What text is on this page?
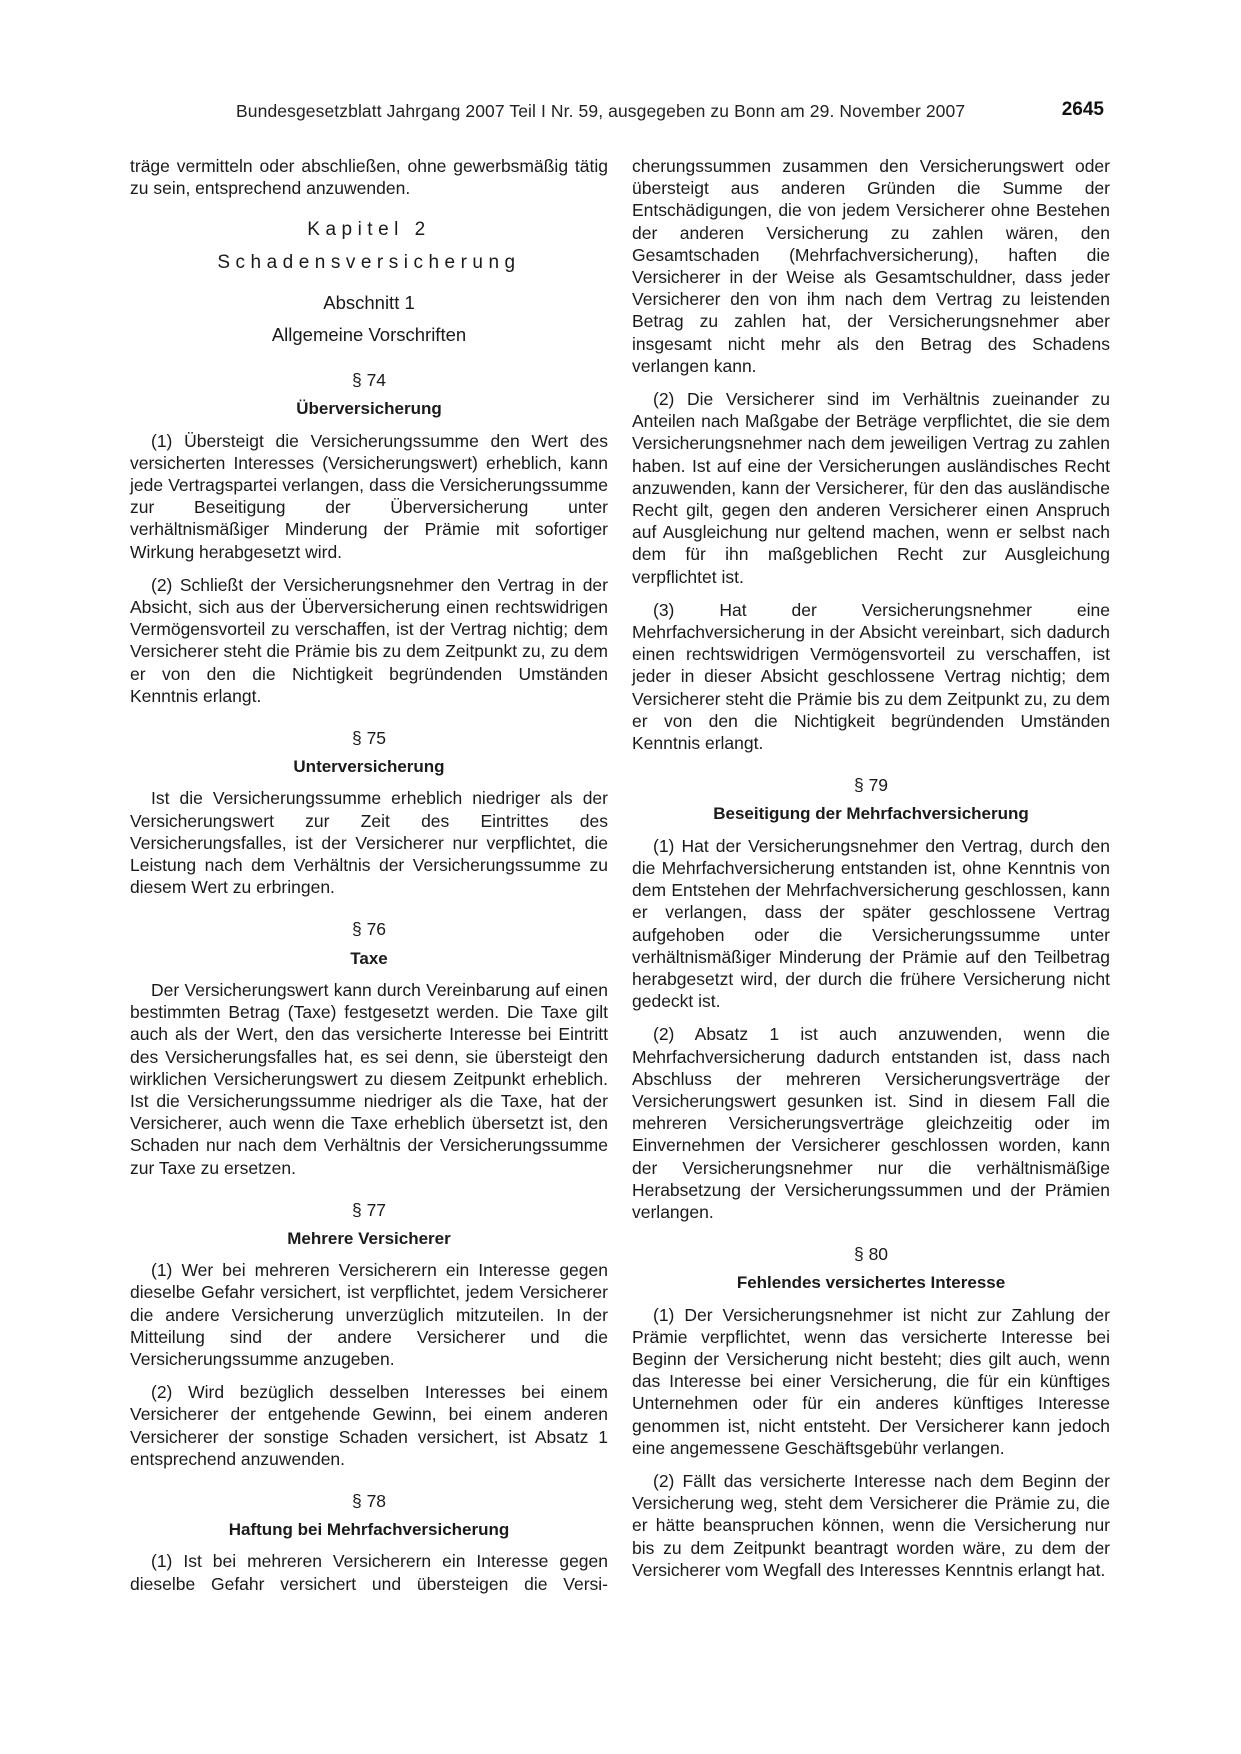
Bundesgesetzblatt Jahrgang 2007 Teil I Nr. 59, ausgegeben zu Bonn am 29. November 2007	2645

träge vermitteln oder abschließen, ohne gewerbsmäßig tätig zu sein, entsprechend anzuwenden.

Kapitel 2

Schadensversicherung

Abschnitt 1

Allgemeine Vorschriften

§ 74

Überversicherung

(1) Übersteigt die Versicherungssumme den Wert des versicherten Interesses (Versicherungswert) erheblich, kann jede Vertragspartei verlangen, dass die Versicherungssumme zur Beseitigung der Überversicherung unter verhältnismäßiger Minderung der Prämie mit sofortiger Wirkung herabgesetzt wird.

(2) Schließt der Versicherungsnehmer den Vertrag in der Absicht, sich aus der Überversicherung einen rechtswidrigen Vermögensvorteil zu verschaffen, ist der Vertrag nichtig; dem Versicherer steht die Prämie bis zu dem Zeitpunkt zu, zu dem er von den die Nichtigkeit begründenden Umständen Kenntnis erlangt.

§ 75

Unterversicherung

Ist die Versicherungssumme erheblich niedriger als der Versicherungswert zur Zeit des Eintrittes des Versicherungsfalles, ist der Versicherer nur verpflichtet, die Leistung nach dem Verhältnis der Versicherungssumme zu diesem Wert zu erbringen.

§ 76

Taxe

Der Versicherungswert kann durch Vereinbarung auf einen bestimmten Betrag (Taxe) festgesetzt werden. Die Taxe gilt auch als der Wert, den das versicherte Interesse bei Eintritt des Versicherungsfalles hat, es sei denn, sie übersteigt den wirklichen Versicherungswert zu diesem Zeitpunkt erheblich. Ist die Versicherungssumme niedriger als die Taxe, hat der Versicherer, auch wenn die Taxe erheblich übersetzt ist, den Schaden nur nach dem Verhältnis der Versicherungssumme zur Taxe zu ersetzen.

§ 77

Mehrere Versicherer

(1) Wer bei mehreren Versicherern ein Interesse gegen dieselbe Gefahr versichert, ist verpflichtet, jedem Versicherer die andere Versicherung unverzüglich mitzuteilen. In der Mitteilung sind der andere Versicherer und die Versicherungssumme anzugeben.

(2) Wird bezüglich desselben Interesses bei einem Versicherer der entgehende Gewinn, bei einem anderen Versicherer der sonstige Schaden versichert, ist Absatz 1 entsprechend anzuwenden.

§ 78

Haftung bei Mehrfachversicherung

(1) Ist bei mehreren Versicherern ein Interesse gegen dieselbe Gefahr versichert und übersteigen die Versi-

cherungssummen zusammen den Versicherungswert oder übersteigt aus anderen Gründen die Summe der Entschädigungen, die von jedem Versicherer ohne Bestehen der anderen Versicherung zu zahlen wären, den Gesamtschaden (Mehrfachversicherung), haften die Versicherer in der Weise als Gesamtschuldner, dass jeder Versicherer den von ihm nach dem Vertrag zu leistenden Betrag zu zahlen hat, der Versicherungsnehmer aber insgesamt nicht mehr als den Betrag des Schadens verlangen kann.

(2) Die Versicherer sind im Verhältnis zueinander zu Anteilen nach Maßgabe der Beträge verpflichtet, die sie dem Versicherungsnehmer nach dem jeweiligen Vertrag zu zahlen haben. Ist auf eine der Versicherungen ausländisches Recht anzuwenden, kann der Versicherer, für den das ausländische Recht gilt, gegen den anderen Versicherer einen Anspruch auf Ausgleichung nur geltend machen, wenn er selbst nach dem für ihn maßgeblichen Recht zur Ausgleichung verpflichtet ist.

(3) Hat der Versicherungsnehmer eine Mehrfachversicherung in der Absicht vereinbart, sich dadurch einen rechtswidrigen Vermögensvorteil zu verschaffen, ist jeder in dieser Absicht geschlossene Vertrag nichtig; dem Versicherer steht die Prämie bis zu dem Zeitpunkt zu, zu dem er von den die Nichtigkeit begründenden Umständen Kenntnis erlangt.

§ 79

Beseitigung der Mehrfachversicherung

(1) Hat der Versicherungsnehmer den Vertrag, durch den die Mehrfachversicherung entstanden ist, ohne Kenntnis von dem Entstehen der Mehrfachversicherung geschlossen, kann er verlangen, dass der später geschlossene Vertrag aufgehoben oder die Versicherungssumme unter verhältnismäßiger Minderung der Prämie auf den Teilbetrag herabgesetzt wird, der durch die frühere Versicherung nicht gedeckt ist.

(2) Absatz 1 ist auch anzuwenden, wenn die Mehrfachversicherung dadurch entstanden ist, dass nach Abschluss der mehreren Versicherungsverträge der Versicherungswert gesunken ist. Sind in diesem Fall die mehreren Versicherungsverträge gleichzeitig oder im Einvernehmen der Versicherer geschlossen worden, kann der Versicherungsnehmer nur die verhältnismäßige Herabsetzung der Versicherungssummen und der Prämien verlangen.

§ 80

Fehlendes versichertes Interesse

(1) Der Versicherungsnehmer ist nicht zur Zahlung der Prämie verpflichtet, wenn das versicherte Interesse bei Beginn der Versicherung nicht besteht; dies gilt auch, wenn das Interesse bei einer Versicherung, die für ein künftiges Unternehmen oder für ein anderes künftiges Interesse genommen ist, nicht entsteht. Der Versicherer kann jedoch eine angemessene Geschäftsgebühr verlangen.

(2) Fällt das versicherte Interesse nach dem Beginn der Versicherung weg, steht dem Versicherer die Prämie zu, die er hätte beanspruchen können, wenn die Versicherung nur bis zu dem Zeitpunkt beantragt worden wäre, zu dem der Versicherer vom Wegfall des Interesses Kenntnis erlangt hat.
